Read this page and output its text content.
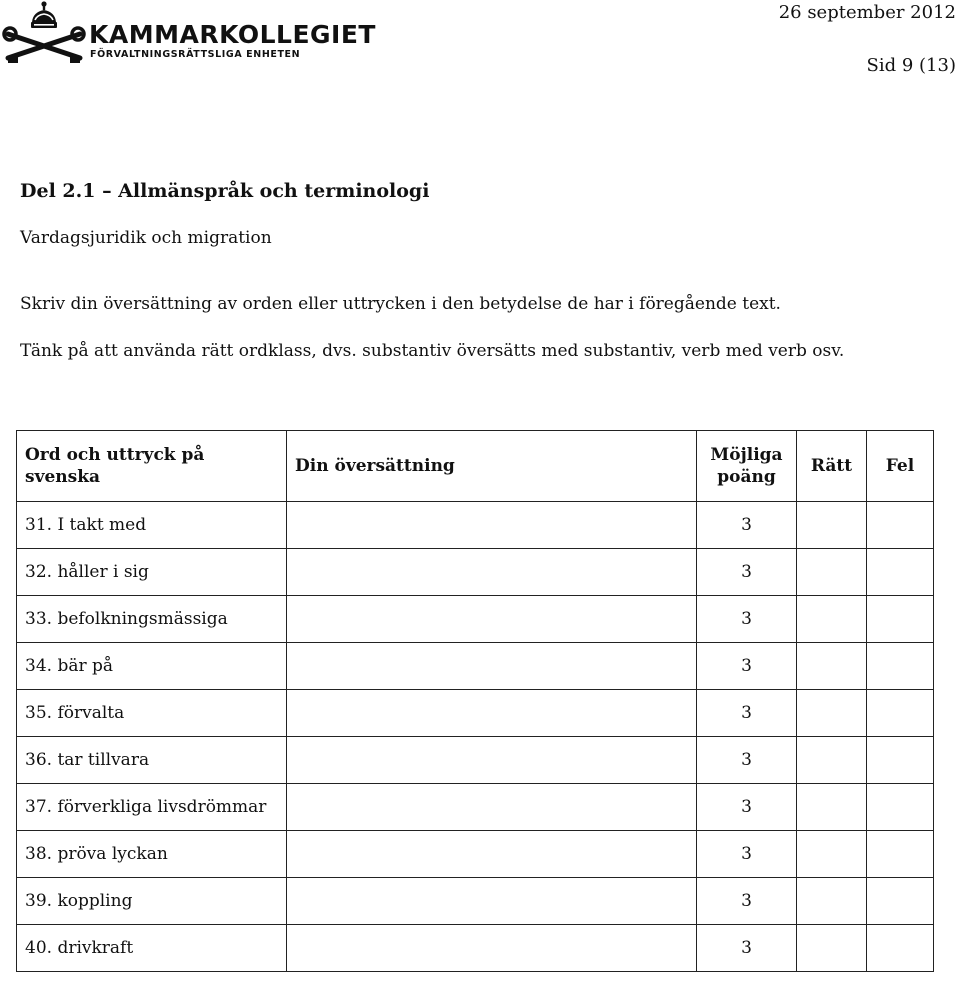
KAMMARKOLLEGIET
FÖRVALTNINGSRÄTTSLIGA ENHETEN
26 september 2012
Sid 9 (13)
Del 2.1 – Allmänspråk och terminologi
Vardagsjuridik och migration
Skriv din översättning av orden eller uttrycken i den betydelse de har i föregående text.
Tänk på att använda rätt ordklass, dvs. substantiv översätts med substantiv, verb med verb osv.
Ord och uttryck på svenska	Din översättning	Möjliga poäng	Rätt	Fel
31. I takt med		3		
32. håller i sig		3		
33. befolkningsmässiga		3		
34. bär på		3		
35. förvalta		3		
36. tar tillvara		3		
37. förverkliga livsdrömmar		3		
38. pröva lyckan		3		
39. koppling		3		
40. drivkraft		3		
